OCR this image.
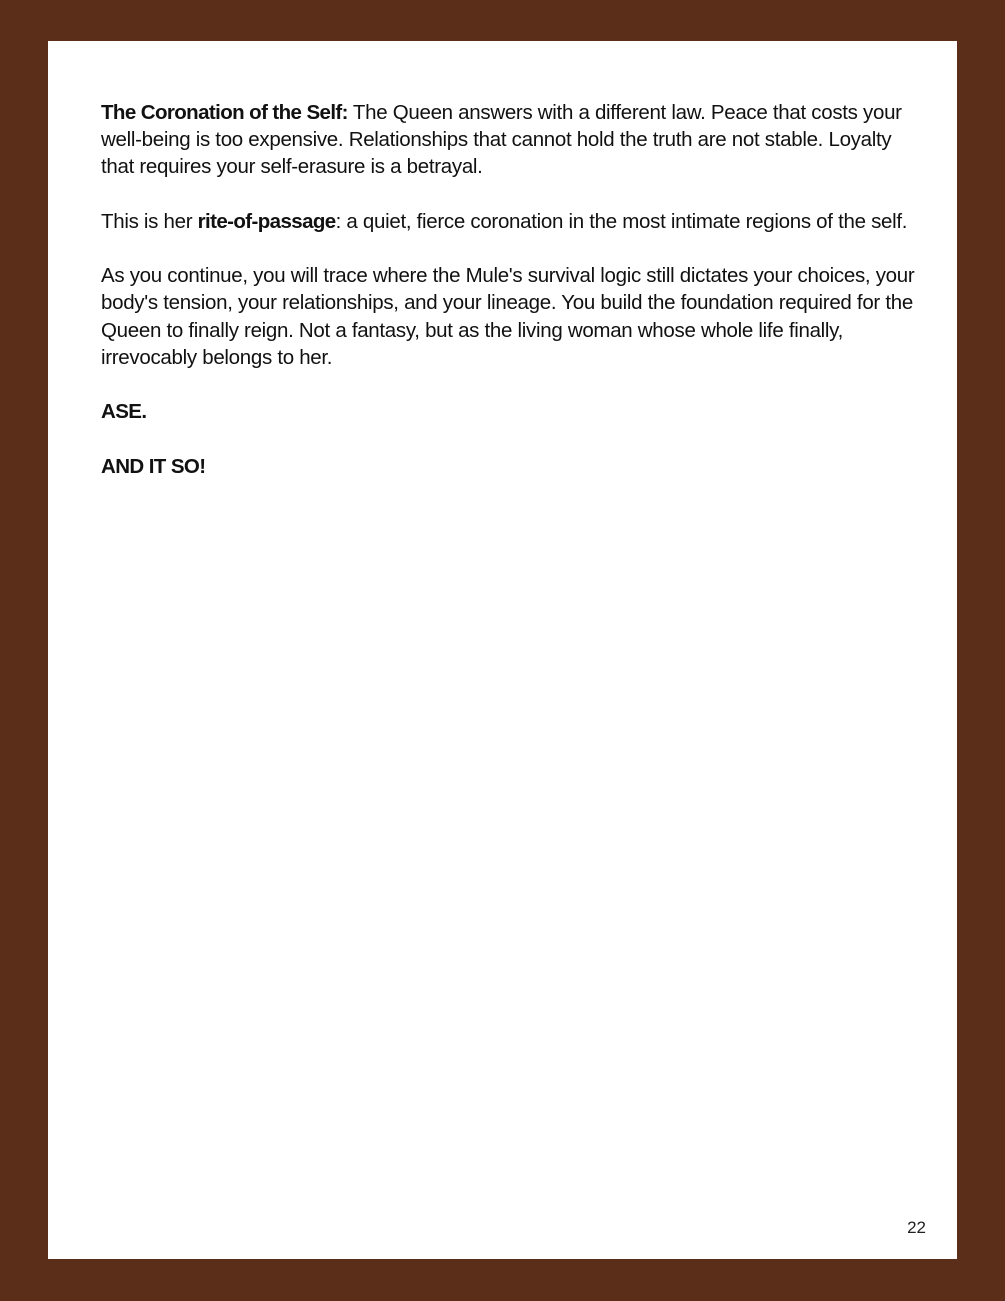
The Coronation of the Self: The Queen answers with a different law. Peace that costs your well-being is too expensive. Relationships that cannot hold the truth are not stable. Loyalty that requires your self-erasure is a betrayal.

This is her rite-of-passage: a quiet, fierce coronation in the most intimate regions of the self.

As you continue, you will trace where the Mule's survival logic still dictates your choices, your body's tension, your relationships, and your lineage. You build the foundation required for the Queen to finally reign. Not a fantasy, but as the living woman whose whole life finally, irrevocably belongs to her.

ASE.

AND IT SO!

22
